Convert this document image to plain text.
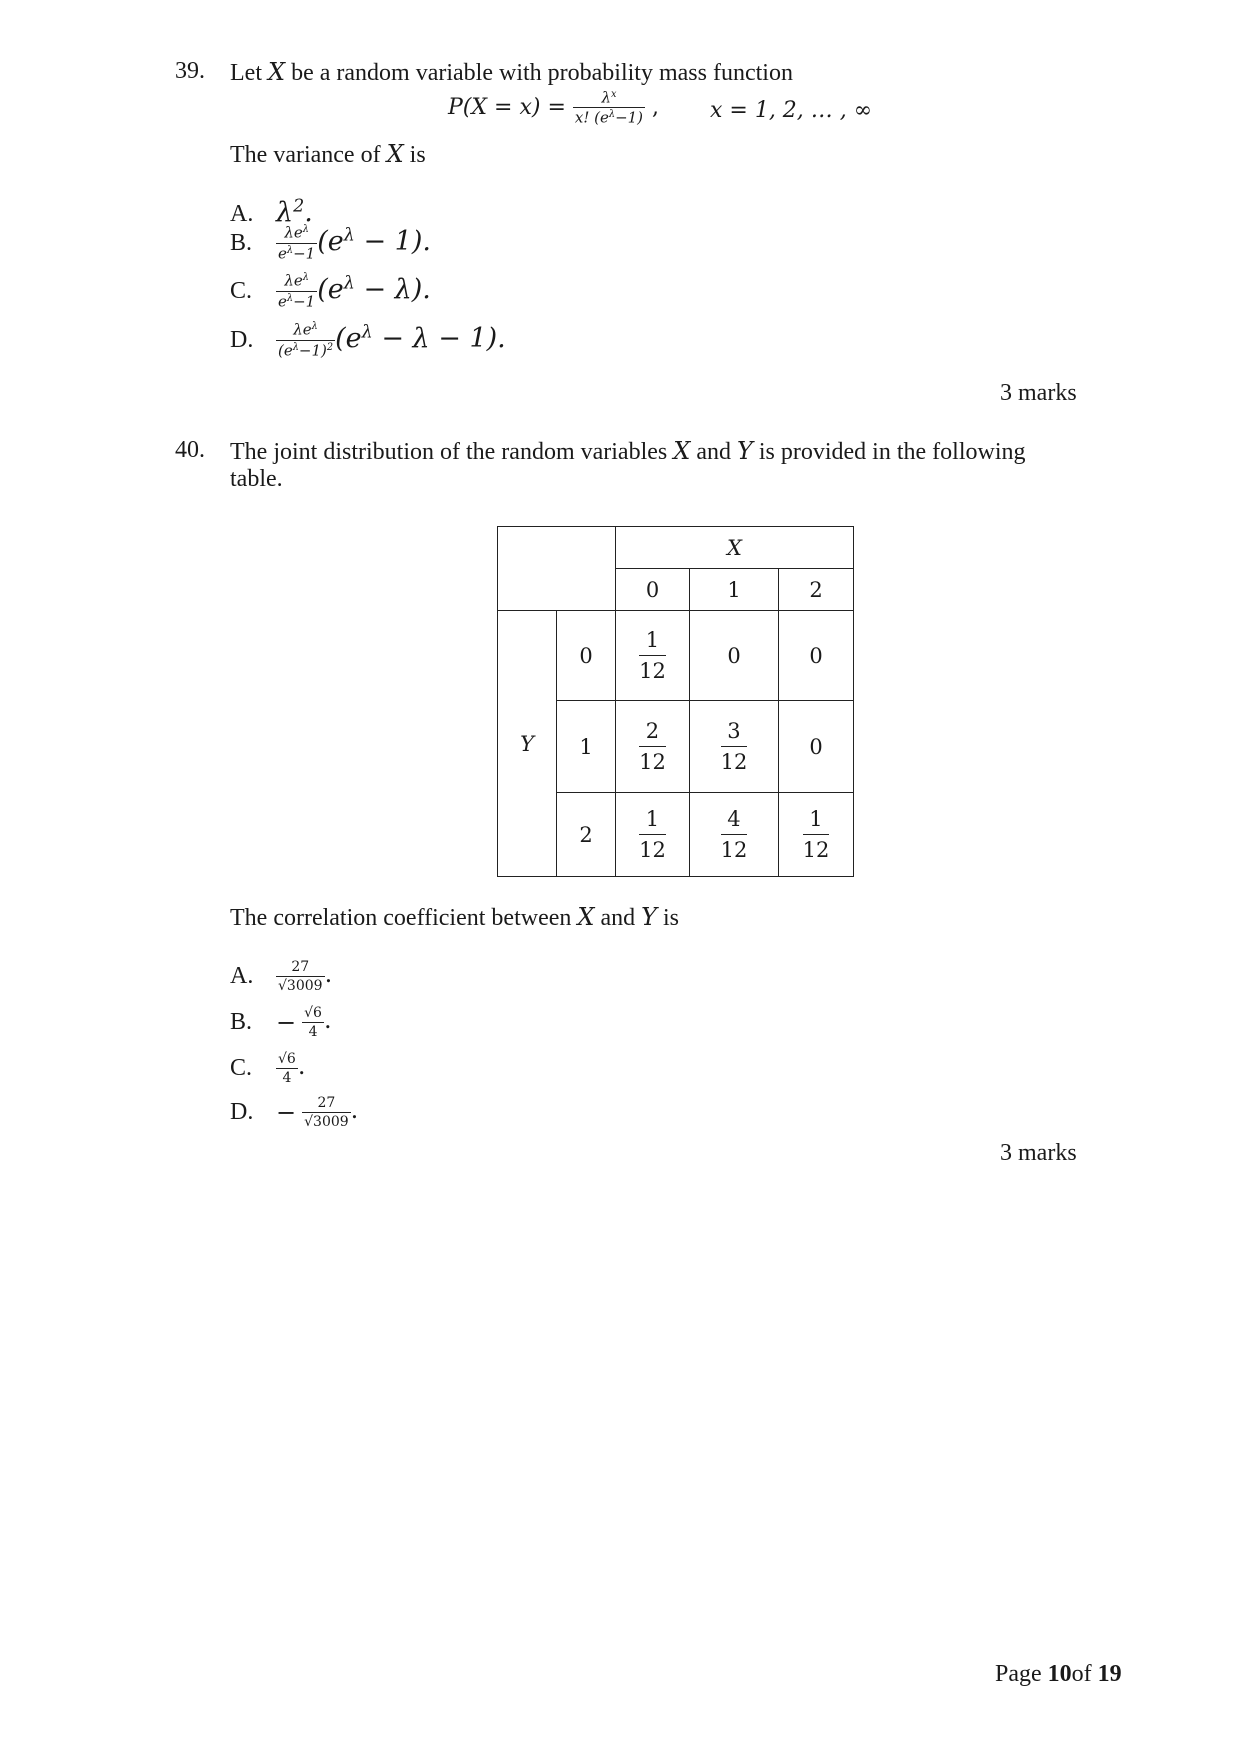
39. Let X be a random variable with probability mass function
$P(X = x) = \frac{\lambda^x}{x! (e^\lambda-1)}$ , x = 1, 2, … , ∞
The variance of X is
A. $\lambda^2$.
B. $\frac{\lambda e^\lambda}{e^\lambda-1} (e^\lambda - 1)$.
C. $\frac{\lambda e^\lambda}{e^\lambda-1} (e^\lambda - \lambda)$.
D. $\frac{\lambda e^\lambda}{(e^\lambda-1)^2} (e^\lambda - \lambda - 1)$.
3 marks
40. The joint distribution of the random variables X and Y is provided in the following
table.
		X		
		0	1	2
Y	0	$\frac{1}{12}$	0	0
	1	$\frac{2}{12}$	$\frac{3}{12}$	0
	2	$\frac{1}{12}$	$\frac{4}{12}$	$\frac{1}{12}$
The correlation coefficient between X and Y is
A. $\frac{27}{√3009}$ .
B. − $\frac{√6}{4}$ .
C. $\frac{√6}{4}$ .
D. − $\frac{27}{√3009}$ .
3 marks
Page 10of 19
